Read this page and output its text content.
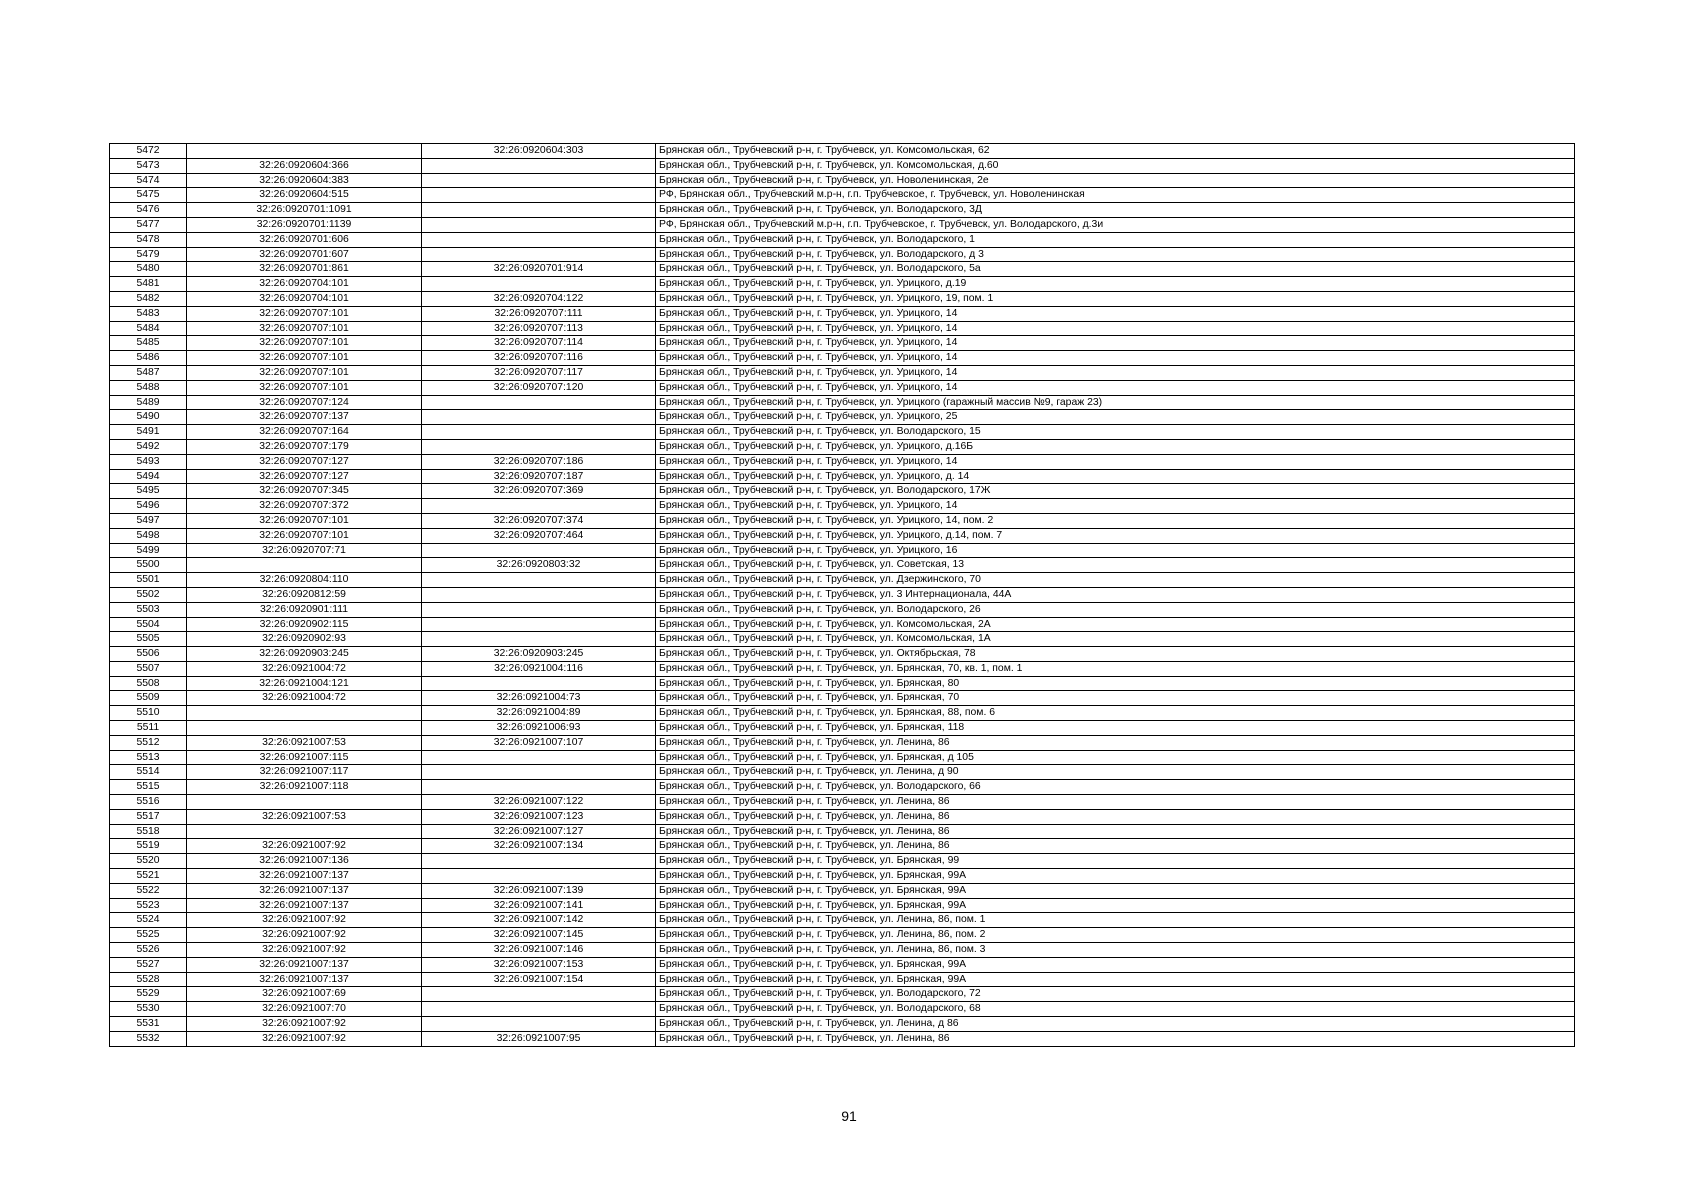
5472		32:26:0920604:303	Брянская обл., Трубчевский р-н, г. Трубчевск, ул. Комсомольская, 62
5473	32:26:0920604:366		Брянская обл., Трубчевский р-н, г. Трубчевск, ул. Комсомольская, д.60
5474	32:26:0920604:383		Брянская обл., Трубчевский р-н, г. Трубчевск, ул. Новоленинская, 2е
5475	32:26:0920604:515		РФ, Брянская обл., Трубчевский м.р-н, г.п. Трубчевское, г. Трубчевск, ул. Новоленинская
5476	32:26:0920701:1091		Брянская обл., Трубчевский р-н, г. Трубчевск, ул. Володарского, 3Д
5477	32:26:0920701:1139		РФ, Брянская обл., Трубчевский м.р-н, г.п. Трубчевское, г. Трубчевск, ул. Володарского, д.3и
5478	32:26:0920701:606		Брянская обл., Трубчевский р-н, г. Трубчевск, ул. Володарского, 1
5479	32:26:0920701:607		Брянская обл., Трубчевский р-н, г. Трубчевск, ул. Володарского, д 3
5480	32:26:0920701:861	32:26:0920701:914	Брянская обл., Трубчевский р-н, г. Трубчевск, ул. Володарского, 5а
5481	32:26:0920704:101		Брянская обл., Трубчевский р-н, г. Трубчевск, ул. Урицкого, д.19
5482	32:26:0920704:101	32:26:0920704:122	Брянская обл., Трубчевский р-н, г. Трубчевск, ул. Урицкого, 19, пом. 1
5483	32:26:0920707:101	32:26:0920707:111	Брянская обл., Трубчевский р-н, г. Трубчевск, ул. Урицкого, 14
5484	32:26:0920707:101	32:26:0920707:113	Брянская обл., Трубчевский р-н, г. Трубчевск, ул. Урицкого, 14
5485	32:26:0920707:101	32:26:0920707:114	Брянская обл., Трубчевский р-н, г. Трубчевск, ул. Урицкого, 14
5486	32:26:0920707:101	32:26:0920707:116	Брянская обл., Трубчевский р-н, г. Трубчевск, ул. Урицкого, 14
5487	32:26:0920707:101	32:26:0920707:117	Брянская обл., Трубчевский р-н, г. Трубчевск, ул. Урицкого, 14
5488	32:26:0920707:101	32:26:0920707:120	Брянская обл., Трубчевский р-н, г. Трубчевск, ул. Урицкого, 14
5489	32:26:0920707:124		Брянская обл., Трубчевский р-н, г. Трубчевск, ул. Урицкого (гаражный массив №9, гараж 23)
5490	32:26:0920707:137		Брянская обл., Трубчевский р-н, г. Трубчевск, ул. Урицкого, 25
5491	32:26:0920707:164		Брянская обл., Трубчевский р-н, г. Трубчевск, ул. Володарского, 15
5492	32:26:0920707:179		Брянская обл., Трубчевский р-н, г. Трубчевск, ул. Урицкого, д.16Б
5493	32:26:0920707:127	32:26:0920707:186	Брянская обл., Трубчевский р-н, г. Трубчевск, ул. Урицкого, 14
5494	32:26:0920707:127	32:26:0920707:187	Брянская обл., Трубчевский р-н, г. Трубчевск, ул. Урицкого, д. 14
5495	32:26:0920707:345	32:26:0920707:369	Брянская обл., Трубчевский р-н, г. Трубчевск, ул. Володарского, 17Ж
5496	32:26:0920707:372		Брянская обл., Трубчевский р-н, г. Трубчевск, ул. Урицкого, 14
5497	32:26:0920707:101	32:26:0920707:374	Брянская обл., Трубчевский р-н, г. Трубчевск, ул. Урицкого, 14, пом. 2
5498	32:26:0920707:101	32:26:0920707:464	Брянская обл., Трубчевский р-н, г. Трубчевск, ул. Урицкого, д.14, пом. 7
5499	32:26:0920707:71		Брянская обл., Трубчевский р-н, г. Трубчевск, ул. Урицкого, 16
5500		32:26:0920803:32	Брянская обл., Трубчевский р-н, г. Трубчевск, ул. Советская, 13
5501	32:26:0920804:110		Брянская обл., Трубчевский р-н, г. Трубчевск, ул. Дзержинского, 70
5502	32:26:0920812:59		Брянская обл., Трубчевский р-н, г. Трубчевск, ул. 3 Интернационала, 44А
5503	32:26:0920901:111		Брянская обл., Трубчевский р-н, г. Трубчевск, ул. Володарского, 26
5504	32:26:0920902:115		Брянская обл., Трубчевский р-н, г. Трубчевск, ул. Комсомольская, 2А
5505	32:26:0920902:93		Брянская обл., Трубчевский р-н, г. Трубчевск, ул. Комсомольская, 1А
5506	32:26:0920903:245	32:26:0920903:245	Брянская обл., Трубчевский р-н, г. Трубчевск, ул. Октябрьская, 78
5507	32:26:0921004:72	32:26:0921004:116	Брянская обл., Трубчевский р-н, г. Трубчевск, ул. Брянская, 70, кв. 1, пом. 1
5508	32:26:0921004:121		Брянская обл., Трубчевский р-н, г. Трубчевск, ул. Брянская, 80
5509	32:26:0921004:72	32:26:0921004:73	Брянская обл., Трубчевский р-н, г. Трубчевск, ул. Брянская, 70
5510		32:26:0921004:89	Брянская обл., Трубчевский р-н, г. Трубчевск, ул. Брянская, 88, пом. 6
5511		32:26:0921006:93	Брянская обл., Трубчевский р-н, г. Трубчевск, ул. Брянская, 118
5512	32:26:0921007:53	32:26:0921007:107	Брянская обл., Трубчевский р-н, г. Трубчевск, ул. Ленина, 86
5513	32:26:0921007:115		Брянская обл., Трубчевский р-н, г. Трубчевск, ул. Брянская, д 105
5514	32:26:0921007:117		Брянская обл., Трубчевский р-н, г. Трубчевск, ул. Ленина, д 90
5515	32:26:0921007:118		Брянская обл., Трубчевский р-н, г. Трубчевск, ул. Володарского, 66
5516		32:26:0921007:122	Брянская обл., Трубчевский р-н, г. Трубчевск, ул. Ленина, 86
5517	32:26:0921007:53	32:26:0921007:123	Брянская обл., Трубчевский р-н, г. Трубчевск, ул. Ленина, 86
5518		32:26:0921007:127	Брянская обл., Трубчевский р-н, г. Трубчевск, ул. Ленина, 86
5519	32:26:0921007:92	32:26:0921007:134	Брянская обл., Трубчевский р-н, г. Трубчевск, ул. Ленина, 86
5520	32:26:0921007:136		Брянская обл., Трубчевский р-н, г. Трубчевск, ул. Брянская, 99
5521	32:26:0921007:137		Брянская обл., Трубчевский р-н, г. Трубчевск, ул. Брянская, 99А
5522	32:26:0921007:137	32:26:0921007:139	Брянская обл., Трубчевский р-н, г. Трубчевск, ул. Брянская, 99А
5523	32:26:0921007:137	32:26:0921007:141	Брянская обл., Трубчевский р-н, г. Трубчевск, ул. Брянская, 99А
5524	32:26:0921007:92	32:26:0921007:142	Брянская обл., Трубчевский р-н, г. Трубчевск, ул. Ленина, 86, пом. 1
5525	32:26:0921007:92	32:26:0921007:145	Брянская обл., Трубчевский р-н, г. Трубчевск, ул. Ленина, 86, пом. 2
5526	32:26:0921007:92	32:26:0921007:146	Брянская обл., Трубчевский р-н, г. Трубчевск, ул. Ленина, 86, пом. 3
5527	32:26:0921007:137	32:26:0921007:153	Брянская обл., Трубчевский р-н, г. Трубчевск, ул. Брянская, 99А
5528	32:26:0921007:137	32:26:0921007:154	Брянская обл., Трубчевский р-н, г. Трубчевск, ул. Брянская, 99А
5529	32:26:0921007:69		Брянская обл., Трубчевский р-н, г. Трубчевск, ул. Володарского, 72
5530	32:26:0921007:70		Брянская обл., Трубчевский р-н, г. Трубчевск, ул. Володарского, 68
5531	32:26:0921007:92		Брянская обл., Трубчевский р-н, г. Трубчевск, ул. Ленина, д 86
5532	32:26:0921007:92	32:26:0921007:95	Брянская обл., Трубчевский р-н, г. Трубчевск, ул. Ленина, 86
91
